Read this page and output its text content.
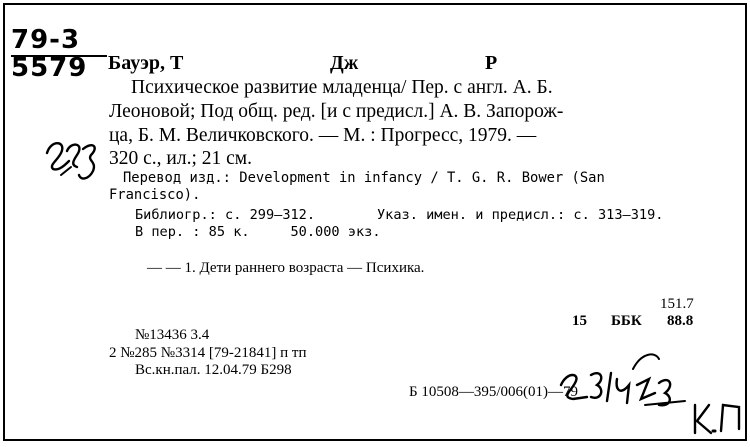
79-3
5579 Бауэр, Т	Дж	Р
Психическое развитие младенца/ Пер. с англ. А. Б.
Леоновой; Под общ. ред. [и с предисл.] А. В. Запорож-
ца, Б. М. Величковского. — М. : Прогресс, 1979. —
320 с., ил.; 21 см.
Перевод изд.: Development in infancy / T. G. R. Bower (San
Francisco).
Библиогр.: с. 299—312.	Указ. имен. и предисл.: с. 313—319.
В пер. : 85 к.     50.000 экз.
— — 1. Дети раннего возраста — Психика.
151.7
15 ББК 88.8
№13436 3.4
2 №285 №3314 [79-21841] п тп
Вс.кн.пал. 12.04.79 Б298
Б 10508—395/006(01)—79
